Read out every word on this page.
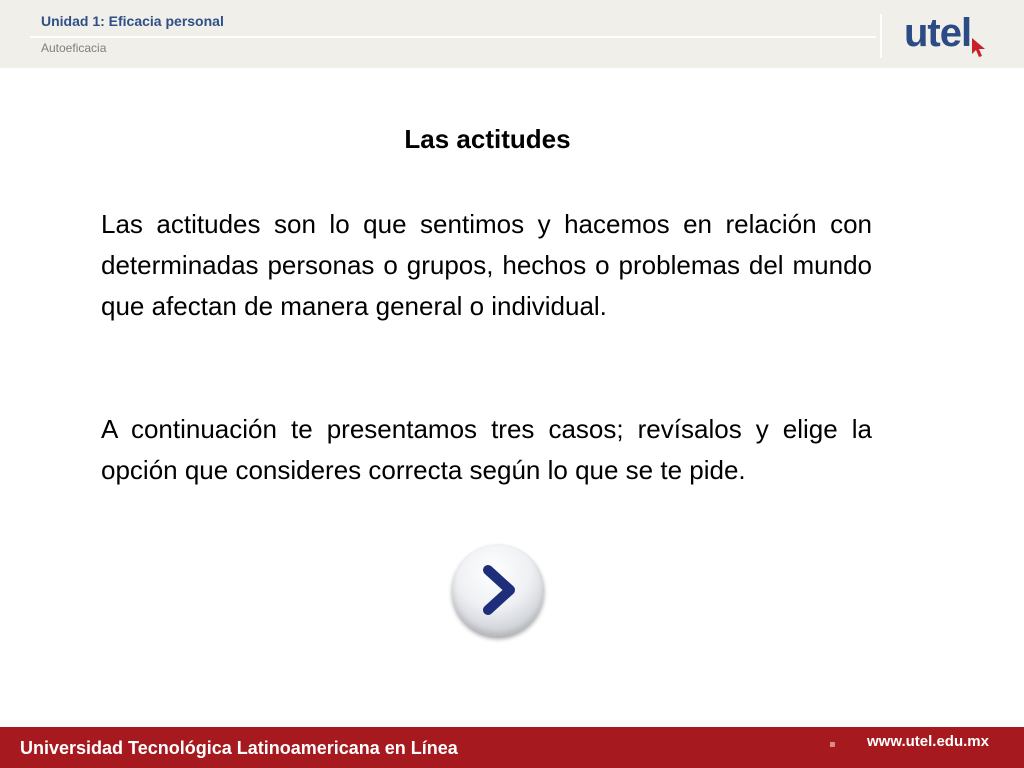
Unidad 1: Eficacia personal
Autoeficacia	utel
Las actitudes

Las actitudes son lo que sentimos y hacemos en relación con determinadas personas o grupos, hechos o problemas del mundo que afectan de manera general o individual.

A continuación te presentamos tres casos; revísalos y elige la opción que consideres correcta según lo que se te pide.

Universidad Tecnológica Latinoamericana en Línea	▪ www.utel.edu.mx
